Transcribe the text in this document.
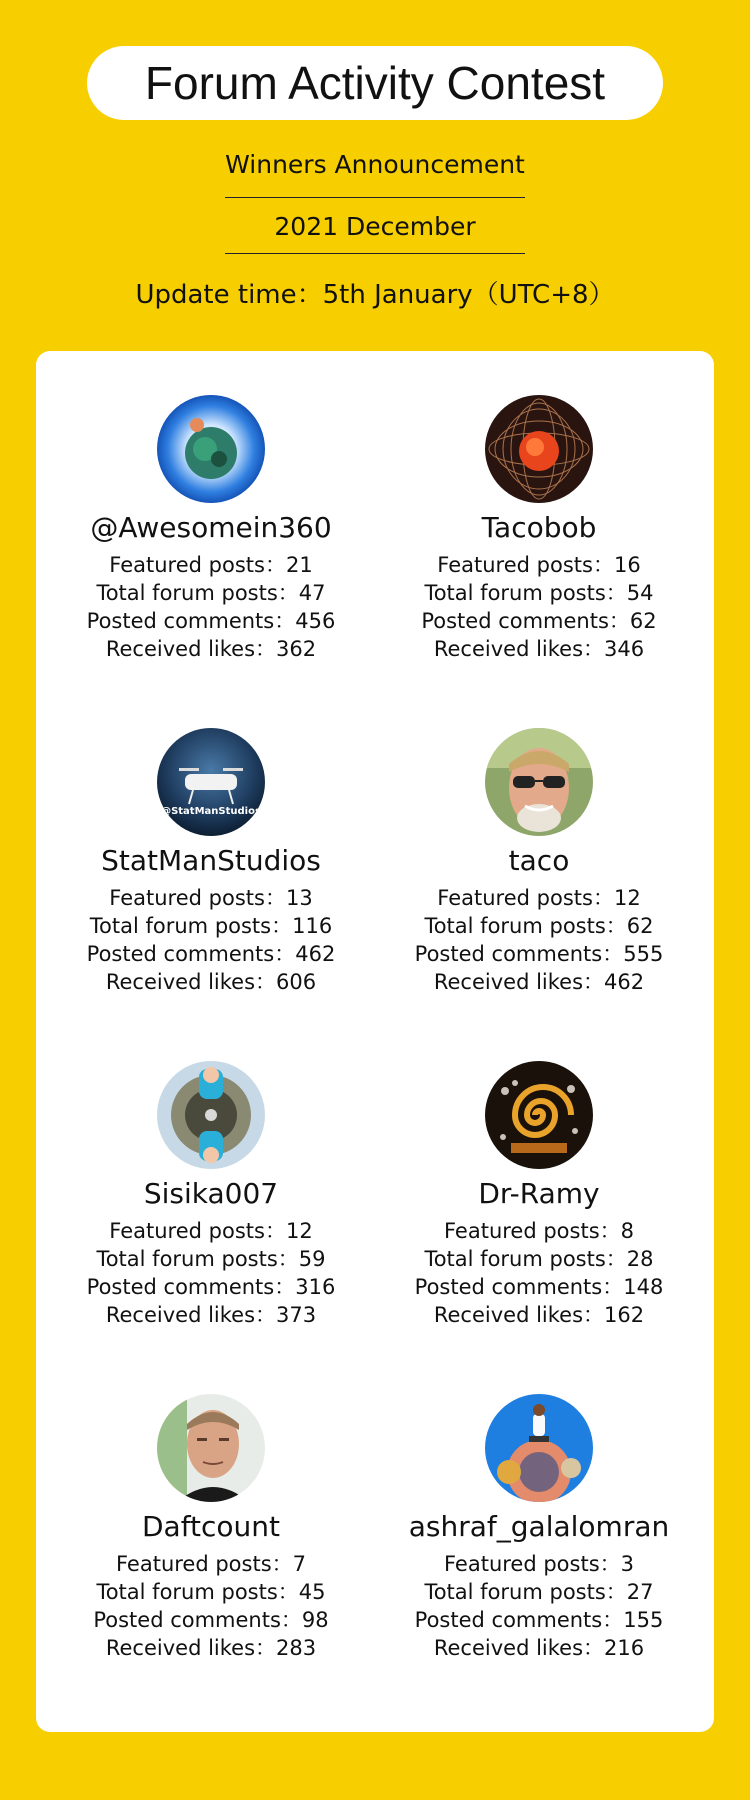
Forum Activity Contest
Winners Announcement
2021 December
Update time：5th January（UTC+8）
@Awesomein360
Featured posts：21
Total forum posts：47
Posted comments：456
Received likes：362
Tacobob
Featured posts：16
Total forum posts：54
Posted comments：62
Received likes：346
@StatManStudios
StatManStudios
Featured posts：13
Total forum posts：116
Posted comments：462
Received likes：606
taco
Featured posts：12
Total forum posts：62
Posted comments：555
Received likes：462
Sisika007
Featured posts：12
Total forum posts：59
Posted comments：316
Received likes：373
Dr-Ramy
Featured posts：8
Total forum posts：28
Posted comments：148
Received likes：162
Daftcount
Featured posts：7
Total forum posts：45
Posted comments：98
Received likes：283
ashraf_galalomran
Featured posts：3
Total forum posts：27
Posted comments：155
Received likes：216
